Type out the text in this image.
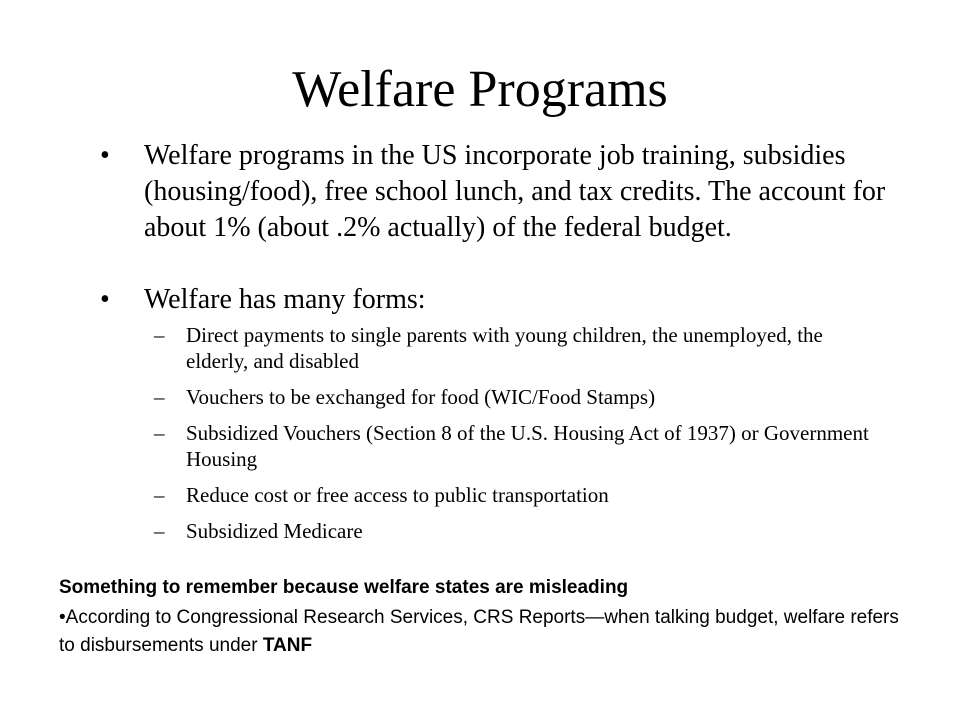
Welfare Programs
•	Welfare programs in the US incorporate job training, subsidies (housing/food), free school lunch, and tax credits. The account for about 1% (about .2% actually) of the federal budget.
•	Welfare has many forms:
– Direct payments to single parents with young children, the unemployed, the elderly, and disabled
– Vouchers to be exchanged for food (WIC/Food Stamps)
– Subsidized Vouchers (Section 8 of the U.S. Housing Act of 1937) or Government Housing
– Reduce cost or free access to public transportation
– Subsidized Medicare
Something to remember because welfare states are misleading
•According to Congressional Research Services, CRS Reports—when talking budget, welfare refers to disbursements under TANF
